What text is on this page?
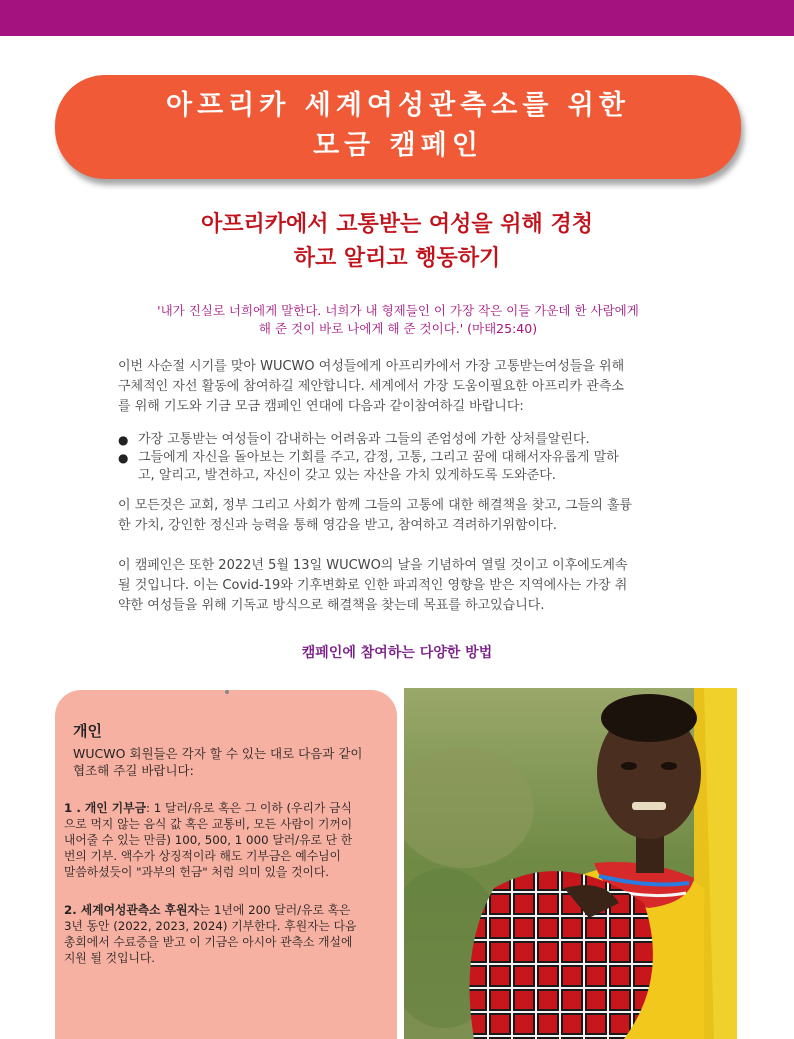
아프리카 세계여성관측소를 위한
모금 캠페인
아프리카에서 고통받는 여성을 위해 경청
하고 알리고 행동하기
'내가 진실로 너희에게 말한다. 너희가 내 형제들인 이 가장 작은 이들 가운데 한 사람에게
해 준 것이 바로 나에게 해 준 것이다.' (마태25:40)
이번 사순절 시기를 맞아 WUCWO 여성들에게 아프리카에서 가장 고통받는여성들을 위해
구체적인 자선 활동에 참여하길 제안합니다. 세계에서 가장 도움이필요한 아프리카 관측소
를 위해 기도와 기금 모금 캠페인 연대에 다음과 같이참여하길 바랍니다:
● 가장 고통받는 여성들이 감내하는 어려움과 그들의 존엄성에 가한 상처를알린다.
● 그들에게 자신을 돌아보는 기회를 주고, 감정, 고통, 그리고 꿈에 대해서자유롭게 말하
고, 알리고, 발견하고, 자신이 갖고 있는 자산을 가치 있게하도록 도와준다.
이 모든것은 교회, 정부 그리고 사회가 함께 그들의 고통에 대한 해결책을 찾고, 그들의 훌륭
한 가치, 강인한 정신과 능력을 통해 영감을 받고, 참여하고 격려하기위함이다.
이 캠페인은 또한 2022년 5월 13일 WUCWO의 날을 기념하여 열릴 것이고 이후에도계속
될 것입니다. 이는 Covid-19와 기후변화로 인한 파괴적인 영향을 받은 지역에사는 가장 취
약한 여성들을 위해 기독교 방식으로 해결책을 찾는데 목표를 하고있습니다.
캠페인에 참여하는 다양한 방법
개인
WUCWO 회원들은 각자 할 수 있는 대로 다음과 같이
협조해 주길 바랍니다:
1 . 개인 기부금: 1 달러/유로 혹은 그 이하 (우리가 금식
으로 먹지 않는 음식 값 혹은 교통비, 모든 사람이 기꺼이
내어줄 수 있는 만큼) 100, 500, 1 000 달러/유로 단 한
번의 기부. 액수가 상징적이라 해도 기부금은 예수님이
말씀하셨듯이 "과부의 헌금" 처럼 의미 있을 것이다.
2. 세계여성관측소 후원자는 1년에 200 달러/유로 혹은
3년 동안 (2022, 2023, 2024) 기부한다. 후원자는 다음
총회에서 수료증을 받고 이 기금은 아시아 관측소 개설에
지원 될 것입니다.
